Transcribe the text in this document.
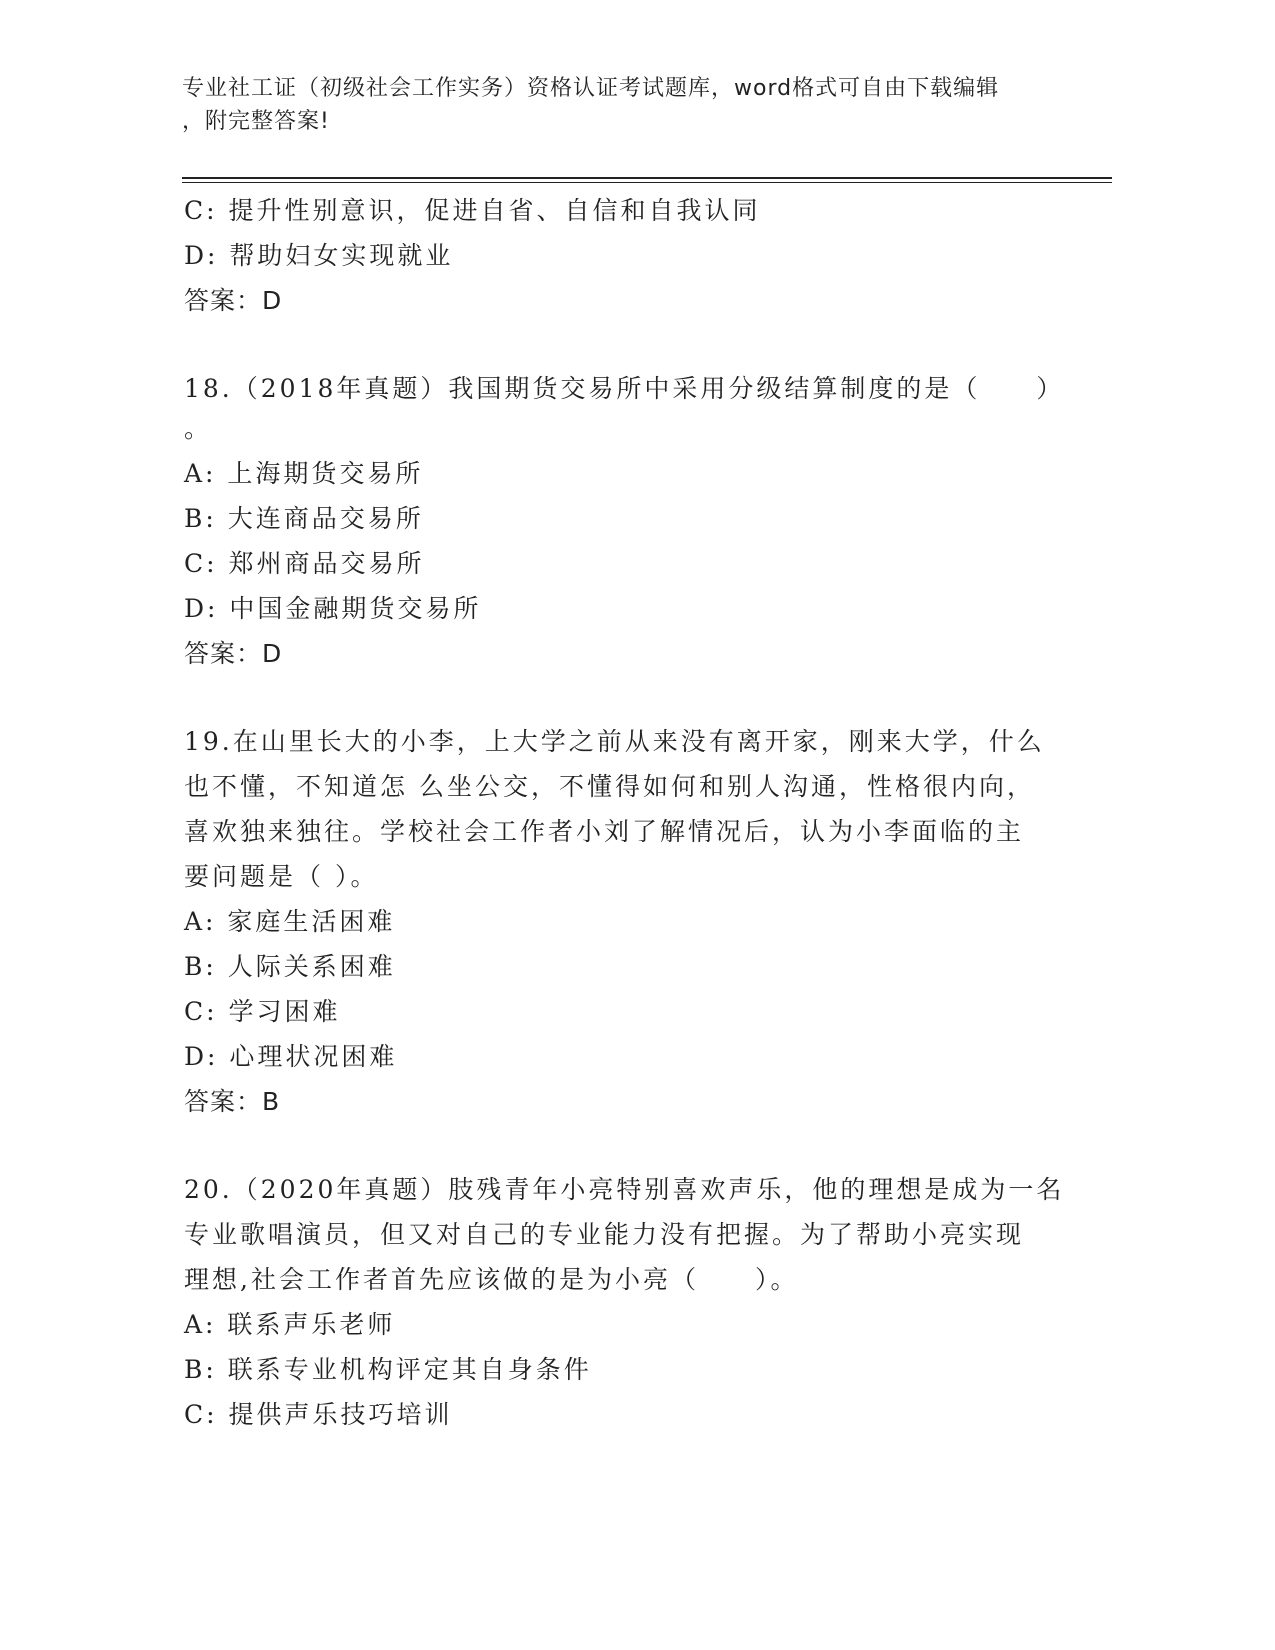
专业社工证（初级社会工作实务）资格认证考试题库，word格式可自由下载编辑
，附完整答案!
C: 提升性别意识，促进自省、自信和自我认同
D: 帮助妇女实现就业
答案：D
18.（2018年真题）我国期货交易所中采用分级结算制度的是（　　）
。
A: 上海期货交易所
B: 大连商品交易所
C: 郑州商品交易所
D: 中国金融期货交易所
答案：D
19.在山里长大的小李，上大学之前从来没有离开家，刚来大学，什么
也不懂，不知道怎 么坐公交，不懂得如何和别人沟通，性格很内向，
喜欢独来独往。学校社会工作者小刘了解情况后，认为小李面临的主
要问题是（ ）。
A: 家庭生活困难
B: 人际关系困难
C: 学习困难
D: 心理状况困难
答案：B
20.（2020年真题）肢残青年小亮特别喜欢声乐，他的理想是成为一名
专业歌唱演员，但又对自己的专业能力没有把握。为了帮助小亮实现
理想,社会工作者首先应该做的是为小亮（　　）。
A: 联系声乐老师
B: 联系专业机构评定其自身条件
C: 提供声乐技巧培训
